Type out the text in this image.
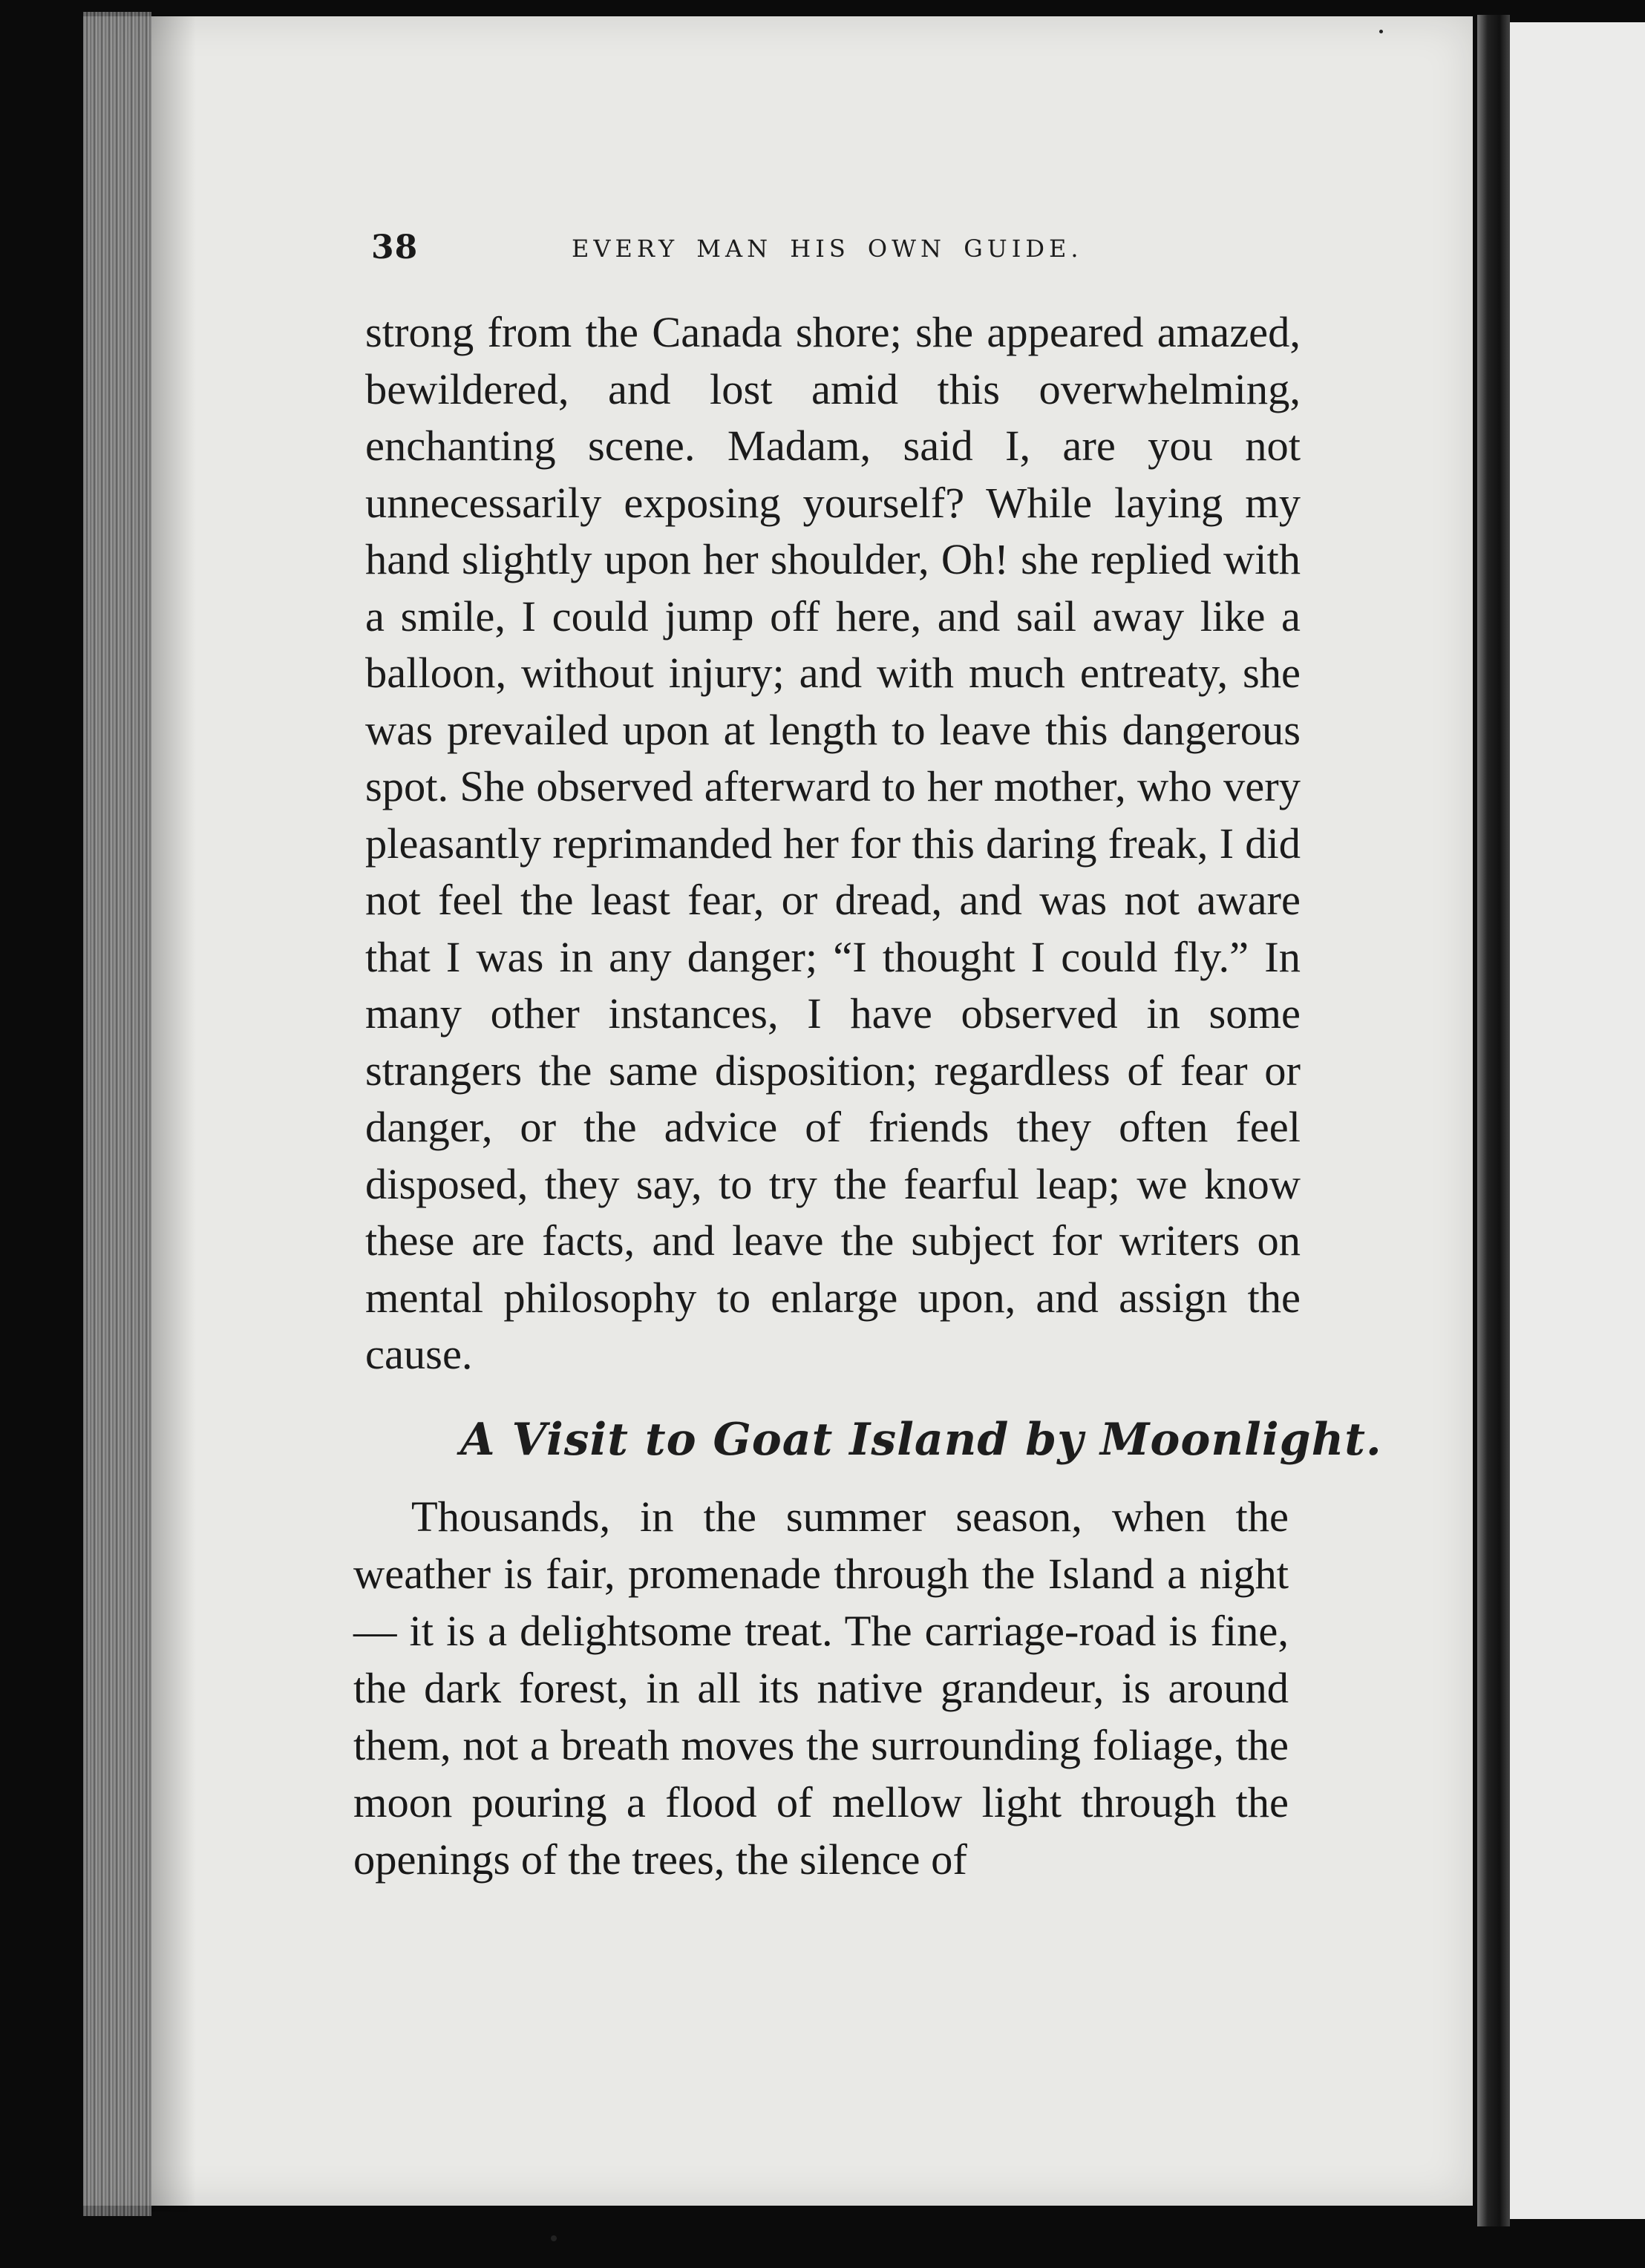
38	EVERY MAN HIS OWN GUIDE.

strong from the Canada shore; she appeared amazed, bewildered, and lost amid this overwhelming, enchanting scene. Madam, said I, are you not unnecessarily exposing yourself? While laying my hand slightly upon her shoulder, Oh! she replied with a smile, I could jump off here, and sail away like a balloon, without injury; and with much entreaty, she was prevailed upon at length to leave this dangerous spot. She observed afterward to her mother, who very pleasantly reprimanded her for this daring freak, I did not feel the least fear, or dread, and was not aware that I was in any danger; “I thought I could fly.” In many other instances, I have observed in some strangers the same disposition; regardless of fear or danger, or the advice of friends they often feel disposed, they say, to try the fearful leap; we know these are facts, and leave the subject for writers on mental philosophy to enlarge upon, and assign the cause.

A Visit to Goat Island by Moonlight.

Thousands, in the summer season, when the weather is fair, promenade through the Island a night — it is a delightsome treat. The carriage-road is fine, the dark forest, in all its native grandeur, is around them, not a breath moves the surrounding foliage, the moon pouring a flood of mellow light through the openings of the trees, the silence of
